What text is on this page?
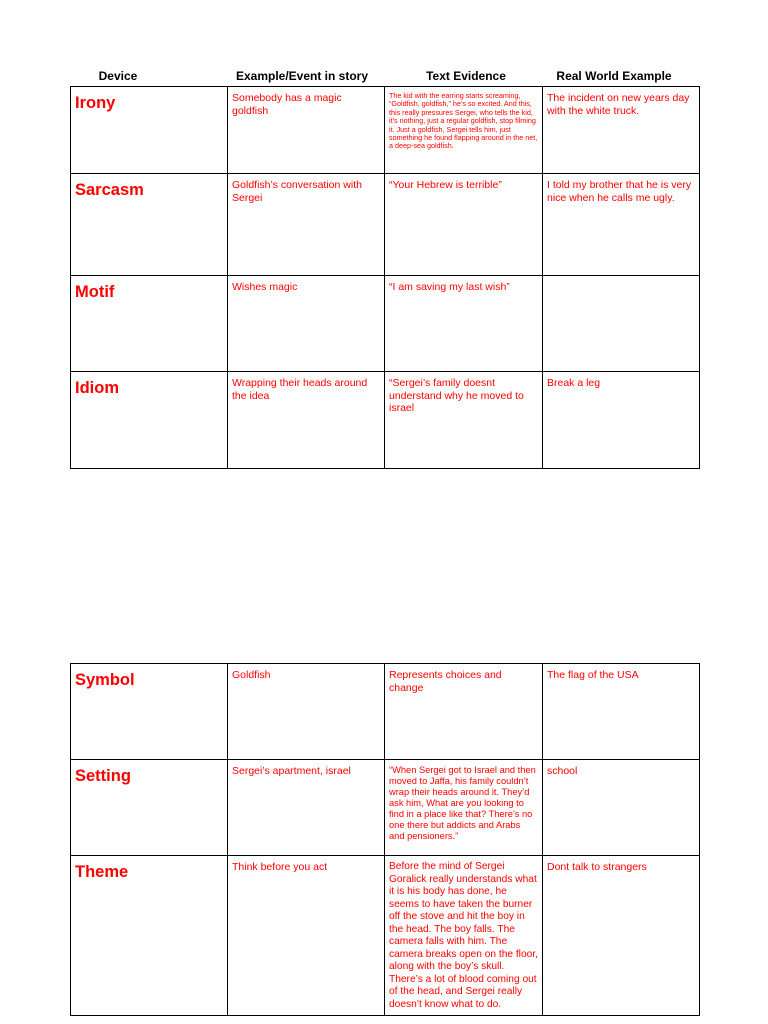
Device	Example/Event in story	Text Evidence	Real World Example
Irony	Somebody has a magic goldfish	The kid with the earring starts screaming, “Goldfish, goldfish,” he’s so excited. And this, this really pressures Sergei, who tells the kid, it’s nothing, just a regular goldfish, stop filming it. Just a goldfish, Sergei tells him, just something he found flapping around in the net, a deep-sea goldfish.	The incident on new years day with the white truck.
Sarcasm	Goldfish’s conversation with Sergei	“Your Hebrew is terrible”	I told my brother that he is very nice when he calls me ugly.
Motif	Wishes magic	“I am saving my last wish”	
Idiom	Wrapping their heads around the idea	“Sergei’s family doesnt understand why he moved to israel	Break a leg
Symbol	Goldfish	Represents choices and change	The flag of the USA
Setting	Sergei’s apartment, israel	“When Sergei got to Israel and then moved to Jaffa, his family couldn’t wrap their heads around it. They’d ask him, What are you looking to find in a place like that? There’s no one there but addicts and Arabs and pensioners.”	school
Theme	Think before you act	Before the mind of Sergei Goralick really understands what it is his body has done, he seems to have taken the burner off the stove and hit the boy in the head. The boy falls. The camera falls with him. The camera breaks open on the floor, along with the boy’s skull. There’s a lot of blood coming out of the head, and Sergei really doesn’t know what to do.	Dont talk to strangers
